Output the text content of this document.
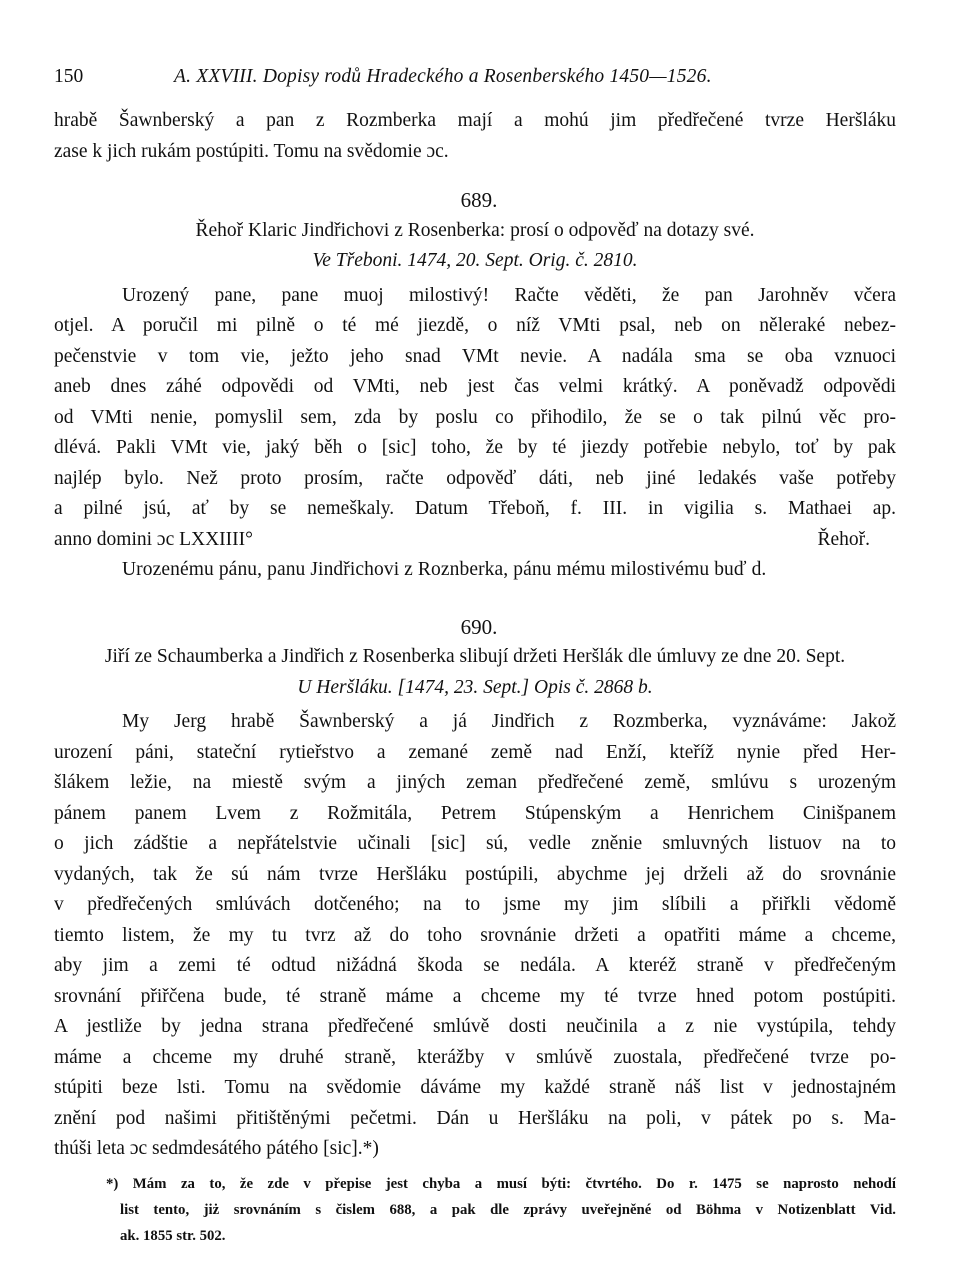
150	A. XXVIII. Dopisy rodů Hradeckého a Rosenberského 1450—1526.
hrabě Šawnberský a pan z Rozmberka mají a mohú jim předřečené tvrze Heršláku
zase k jich rukám postúpiti. Tomu na svědomie ɔc.
689.
Řehoř Klaric Jindřichovi z Rosenberka: prosí o odpověď na dotazy své.
Ve Třeboni. 1474, 20. Sept. Orig. č. 2810.
Urozený pane, pane muoj milostivý! Račte věděti, že pan Jarohněv včera
otjel. A poručil mi pilně o té mé jiezdě, o níž VMti psal, neb on něleraké nebez-
pečenstvie v tom vie, ježto jeho snad VMt nevie. A nadála sma se oba vznuoci
aneb dnes záhé odpovědi od VMti, neb jest čas velmi krátký. A poněvadž odpovědi
od VMti nenie, pomyslil sem, zda by poslu co přihodilo, že se o tak pilnú věc pro-
dlévá. Pakli VMt vie, jaký běh o [sic] toho, že by té jiezdy potřebie nebylo, toť by pak
najlép bylo. Než proto prosím, račte odpověď dáti, neb jiné ledakés vaše potřeby
a pilné jsú, ať by se nemeškaly. Datum Třeboň, f. III. in vigilia s. Mathaei ap.
anno domini ɔc LXXIIII°	Řehoř.
Urozenému pánu, panu Jindřichovi z Roznberka, pánu mému milostivému buď d.
690.
Jiří ze Schaumberka a Jindřich z Rosenberka slibují držeti Heršlák dle úmluvy ze dne 20. Sept.
U Heršláku. [1474, 23. Sept.] Opis č. 2868 b.
My Jerg hrabě Šawnberský a já Jindřich z Rozmberka, vyznáváme: Jakož
urození páni, stateční rytieřstvo a zemané země nad Enží, kteříž nynie před Her-
šlákem ležie, na miestě svým a jiných zeman předřečené země, smlúvu s urozeným
pánem panem Lvem z Rožmitála, Petrem Stúpenským a Henrichem Cinišpanem
o jich zádštie a nepřátelstvie učinali [sic] sú, vedle zněnie smluvných listuov na to
vydaných, tak že sú nám tvrze Heršláku postúpili, abychme jej drželi až do srovnánie
v předřečených smlúvách dotčeného; na to jsme my jim slíbili a přiřkli vědomě
tiemto listem, že my tu tvrz až do toho srovnánie držeti a opatřiti máme a chceme,
aby jim a zemi té odtud nižádná škoda se nedála. A kteréž straně v předřečeným
srovnání přiřčena bude, té straně máme a chceme my té tvrze hned potom postúpiti.
A jestliže by jedna strana předřečené smlúvě dosti neučinila a z nie vystúpila, tehdy
máme a chceme my druhé straně, kterážby v smlúvě zuostala, předřečené tvrze po-
stúpiti beze lsti. Tomu na svědomie dáváme my každé straně náš list v jednostajném
znění pod našimi přitištěnými pečetmi. Dán u Heršláku na poli, v pátek po s. Ma-
thúši leta ɔc sedmdesátého pátého [sic].*)
*) Mám za to, že zde v přepise jest chyba a musí býti: čtvrtého. Do r. 1475 se naprosto nehodí
list tento, jiż srovnáním s čislem 688, a pak dle zprávy uveřejněné od Böhma v Notizenblatt Vid.
ak. 1855 str. 502.
